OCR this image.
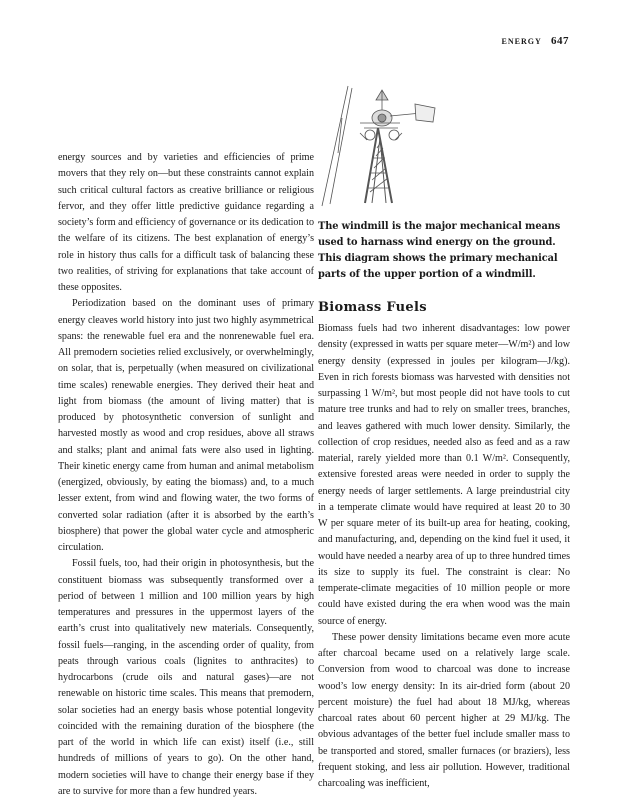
energy 647
The windmill is the major mechanical means used to harnass wind energy on the ground. This diagram shows the primary mechanical parts of the upper portion of a windmill.

energy sources and by varieties and efficiencies of prime movers that they rely on—but these constraints cannot explain such critical cultural factors as creative brilliance or religious fervor, and they offer little predictive guidance regarding a society’s form and efficiency of governance or its dedication to the welfare of its citizens. The best explanation of energy’s role in history thus calls for a difficult task of balancing these two realities, of striving for explanations that take account of these opposites.

Periodization based on the dominant uses of primary energy cleaves world history into just two highly asymmetrical spans: the renewable fuel era and the nonrenewable fuel era. All premodern societies relied exclusively, or overwhelmingly, on solar, that is, perpetually (when measured on civilizational time scales) renewable energies. They derived their heat and light from biomass (the amount of living matter) that is produced by photosynthetic conversion of sunlight and harvested mostly as wood and crop residues, above all straws and stalks; plant and animal fats were also used in lighting. Their kinetic energy came from human and animal metabolism (energized, obviously, by eating the biomass) and, to a much lesser extent, from wind and flowing water, the two forms of converted solar radiation (after it is absorbed by the earth’s biosphere) that power the global water cycle and atmospheric circulation.

Fossil fuels, too, had their origin in photosynthesis, but the constituent biomass was subsequently transformed over a period of between 1 million and 100 million years by high temperatures and pressures in the uppermost layers of the earth’s crust into qualitatively new materials. Consequently, fossil fuels—ranging, in the ascending order of quality, from peats through various coals (lignites to anthracites) to hydrocarbons (crude oils and natural gases)—are not renewable on historic time scales. This means that premodern, solar societies had an energy basis whose potential longevity coincided with the remaining duration of the biosphere (the part of the world in which life can exist) itself (i.e., still hundreds of millions of years to go). On the other hand, modern societies will have to change their energy base if they are to survive for more than a few hundred years.

Biomass Fuels

Biomass fuels had two inherent disadvantages: low power density (expressed in watts per square meter—W/m²) and low energy density (expressed in joules per kilogram—J/kg). Even in rich forests biomass was harvested with densities not surpassing 1 W/m², but most people did not have tools to cut mature tree trunks and had to rely on smaller trees, branches, and leaves gathered with much lower density. Similarly, the collection of crop residues, needed also as feed and as a raw material, rarely yielded more than 0.1 W/m². Consequently, extensive forested areas were needed in order to supply the energy needs of larger settlements. A large preindustrial city in a temperate climate would have required at least 20 to 30 W per square meter of its built-up area for heating, cooking, and manufacturing, and, depending on the kind fuel it used, it would have needed a nearby area of up to three hundred times its size to supply its fuel. The constraint is clear: No temperate-climate megacities of 10 million people or more could have existed during the era when wood was the main source of energy.

These power density limitations became even more acute after charcoal became used on a relatively large scale. Conversion from wood to charcoal was done to increase wood’s low energy density: In its air-dried form (about 20 percent moisture) the fuel had about 18 MJ/kg, whereas charcoal rates about 60 percent higher at 29 MJ/kg. The obvious advantages of the better fuel include smaller mass to be transported and stored, smaller furnaces (or braziers), less frequent stoking, and less air pollution. However, traditional charcoaling was inefficient,
